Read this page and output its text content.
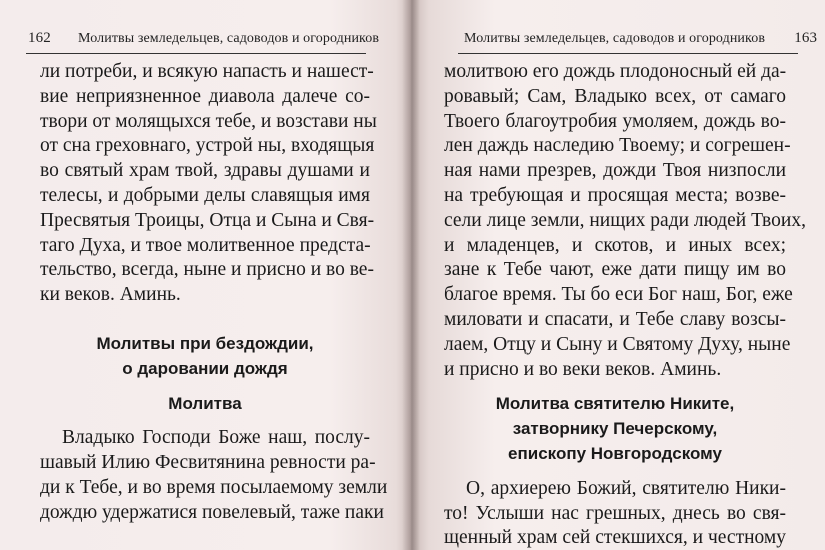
162 Молитвы земледельцев, садоводов и огородников
ли потреби, и всякую напасть и нашест-
вие неприязненное диавола далече со-
твори от молящыхся тебе, и возстави ны
от сна греховнаго, устрой ны, входящыя
во святый храм твой, здравы душами и
телесы, и добрыми делы славящыя имя
Пресвятыя Троицы, Отца и Сына и Свя-
таго Духа, и твое молитвенное предста-
тельство, всегда, ныне и присно и во ве-
ки веков. Аминь.
Молитвы при бездождии,
о даровании дождя
Молитва
Владыко Господи Боже наш, послу-
шавый Илию Фесвитянина ревности ра-
ди к Тебе, и во время посылаемому земли
дождю удержатися повелевый, таже паки
Молитвы земледельцев, садоводов и огородников 163
молитвою его дождь плодоносный ей да-
ровавый; Сам, Владыко всех, от самаго
Твоего благоутробия умоляем, дождь во-
лен даждь наследию Твоему; и согрешен-
ная нами презрев, дожди Твоя низпосли
на требующая и просящая места; возве-
сели лице земли, нищих ради людей Твоих,
и младенцев, и скотов, и иных всех;
зане к Тебе чают, еже дати пищу им во
благое время. Ты бо еси Бог наш, Бог, еже
миловати и спасати, и Тебе славу возсы-
лаем, Отцу и Сыну и Святому Духу, ныне
и присно и во веки веков. Аминь.
Молитва святителю Никите,
затворнику Печерскому,
епископу Новгородскому
О, архиерею Божий, святителю Ники-
то! Услыши нас грешных, днесь во свя-
щенный храм сей стекшихся, и честному
